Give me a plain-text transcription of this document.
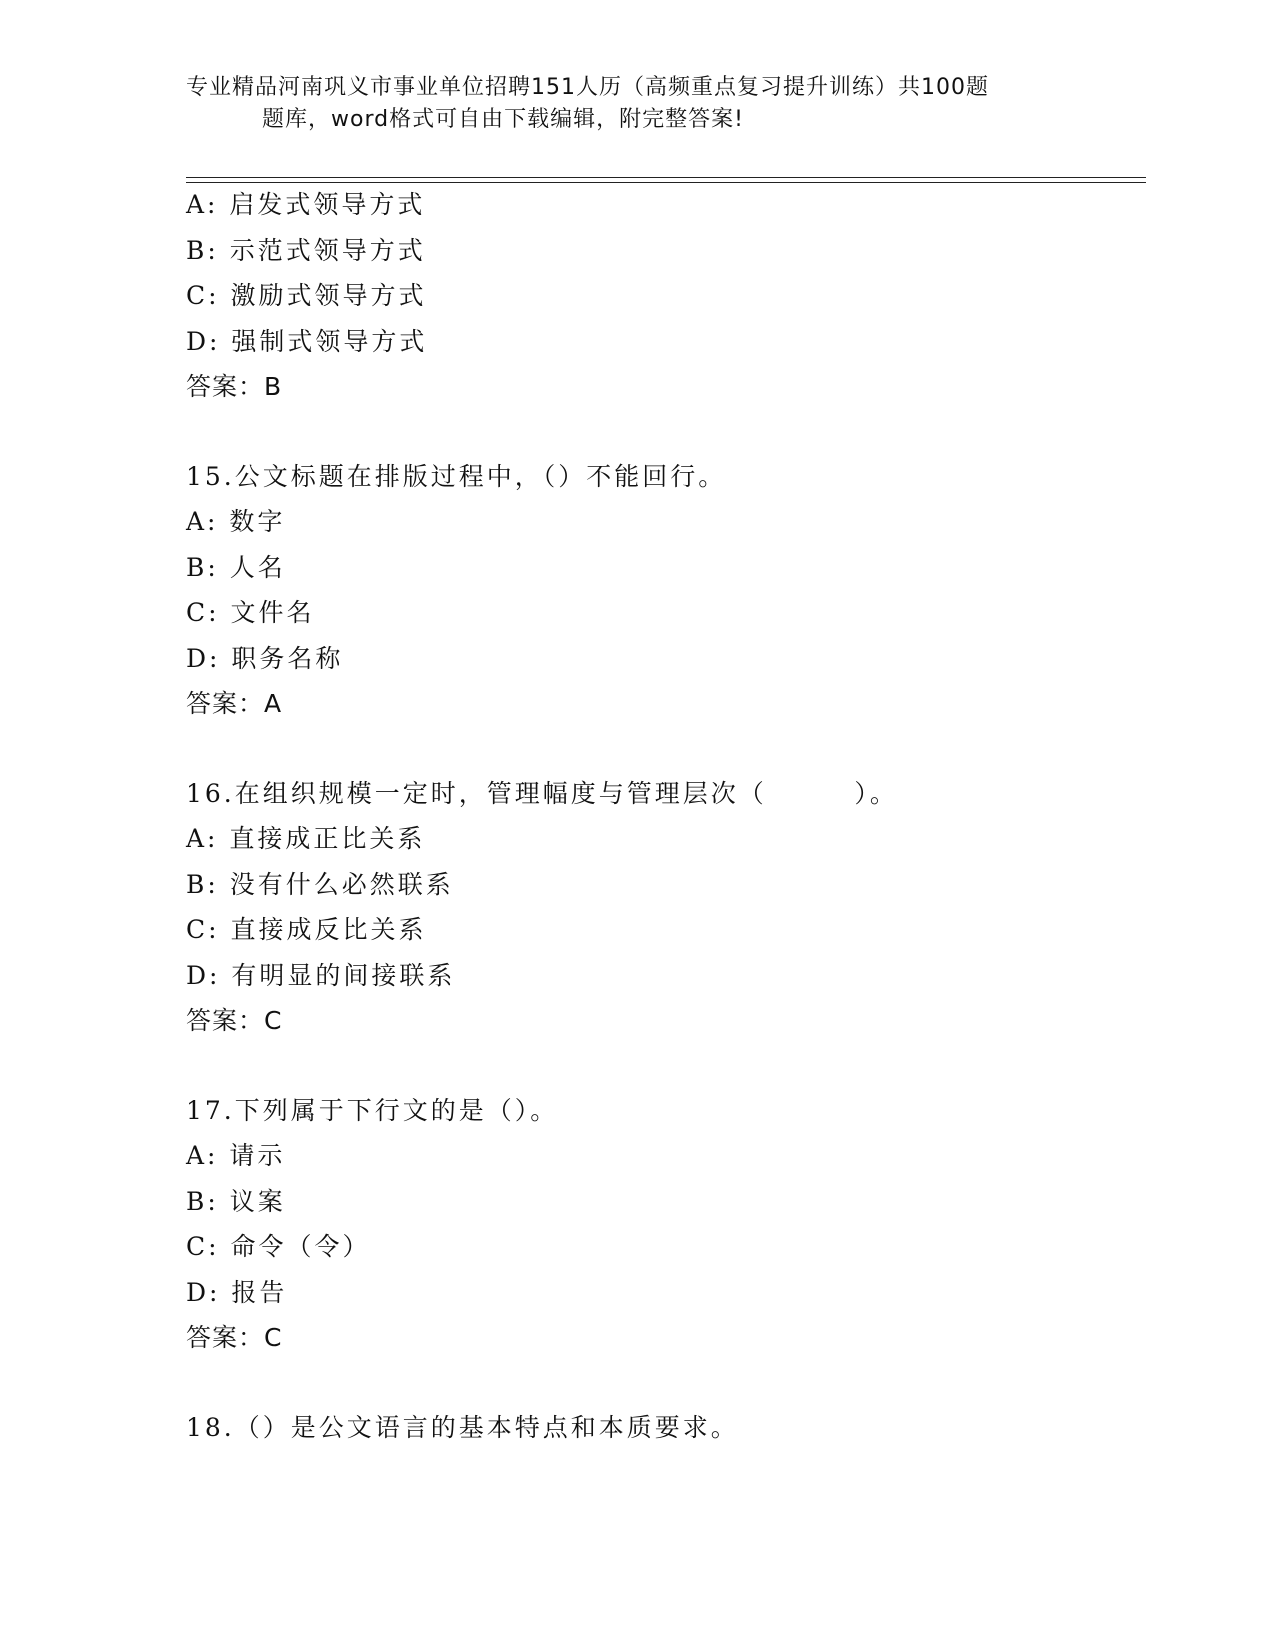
专业精品河南巩义市事业单位招聘151人历（高频重点复习提升训练）共100题
题库，word格式可自由下载编辑，附完整答案!
A: 启发式领导方式
B: 示范式领导方式
C: 激励式领导方式
D: 强制式领导方式
答案：B
15.公文标题在排版过程中，（）不能回行。
A: 数字
B: 人名
C: 文件名
D: 职务名称
答案：A
16.在组织规模一定时，管理幅度与管理层次（        ）。
A: 直接成正比关系
B: 没有什么必然联系
C: 直接成反比关系
D: 有明显的间接联系
答案：C
17.下列属于下行文的是（）。
A: 请示
B: 议案
C: 命令（令）
D: 报告
答案：C
18.（）是公文语言的基本特点和本质要求。
